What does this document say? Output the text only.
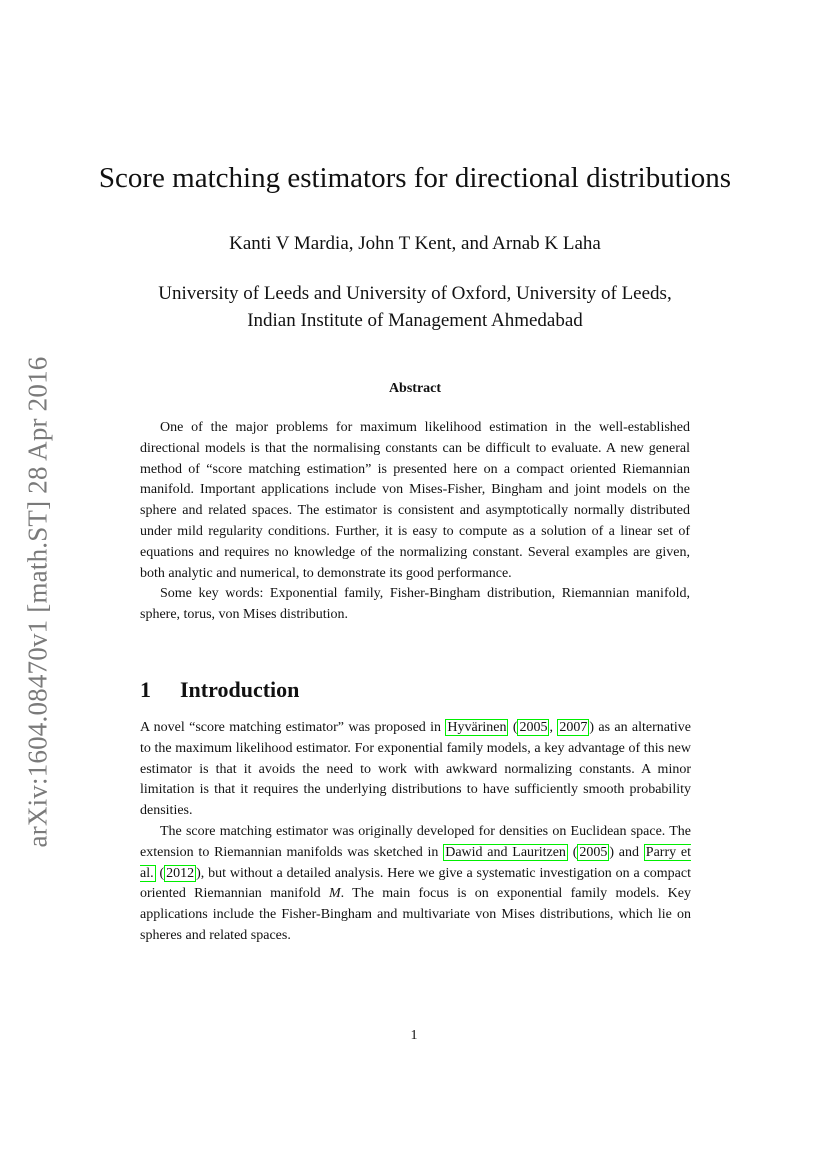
arXiv:1604.08470v1 [math.ST] 28 Apr 2016
Score matching estimators for directional distributions
Kanti V Mardia, John T Kent, and Arnab K Laha
University of Leeds and University of Oxford, University of Leeds,
Indian Institute of Management Ahmedabad
Abstract

One of the major problems for maximum likelihood estimation in the well-established directional models is that the normalising constants can be difficult to evaluate. A new general method of “score matching estimation” is presented here on a compact oriented Riemannian manifold. Important applications include von Mises-Fisher, Bingham and joint models on the sphere and related spaces. The estimator is consistent and asymptotically normally distributed under mild regularity conditions. Further, it is easy to compute as a solution of a linear set of equations and requires no knowledge of the normalizing constant. Several examples are given, both analytic and numerical, to demonstrate its good performance.

Some key words: Exponential family, Fisher-Bingham distribution, Riemannian manifold, sphere, torus, von Mises distribution.

1 Introduction

A novel “score matching estimator” was proposed in Hyvärinen ( 2005 , 2007 ) as an alternative to the maximum likelihood estimator. For exponential family models, a key advantage of this new estimator is that it avoids the need to work with awkward normalizing constants. A minor limitation is that it requires the underlying distributions to have sufficiently smooth probability densities.

The score matching estimator was originally developed for densities on Euclidean space. The extension to Riemannian manifolds was sketched in Dawid and Lauritzen ( 2005 ) and Parry et al. ( 2012 ), but without a detailed analysis. Here we give a systematic investigation on a compact oriented Riemannian manifold M. The main focus is on exponential family models. Key applications include the Fisher-Bingham and multivariate von Mises distributions, which lie on spheres and related spaces.

1
